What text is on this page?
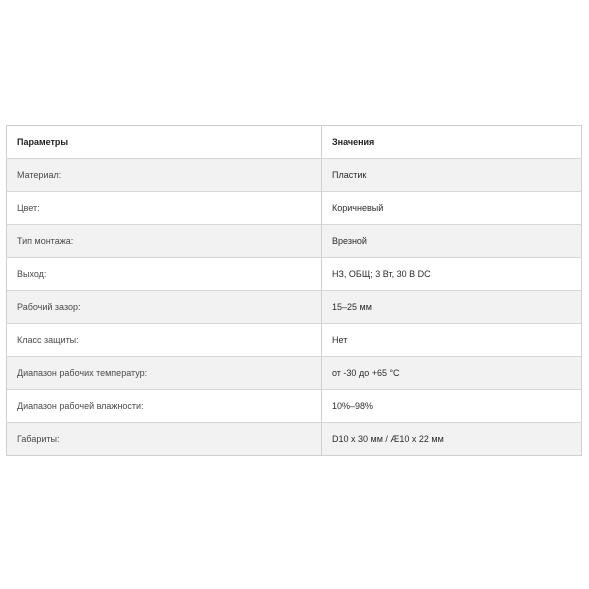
Параметры	Значения
Материал:	Пластик
Цвет:	Коричневый
Тип монтажа:	Врезной
Выход:	НЗ, ОБЩ; 3 Вт, 30 В DC
Рабочий зазор:	15–25 мм
Класс защиты:	Нет
Диапазон рабочих температур:	от -30 до +65 °C
Диапазон рабочей влажности:	10%–98%
Габариты:	D10 x 30 мм / Æ10 x 22 мм
